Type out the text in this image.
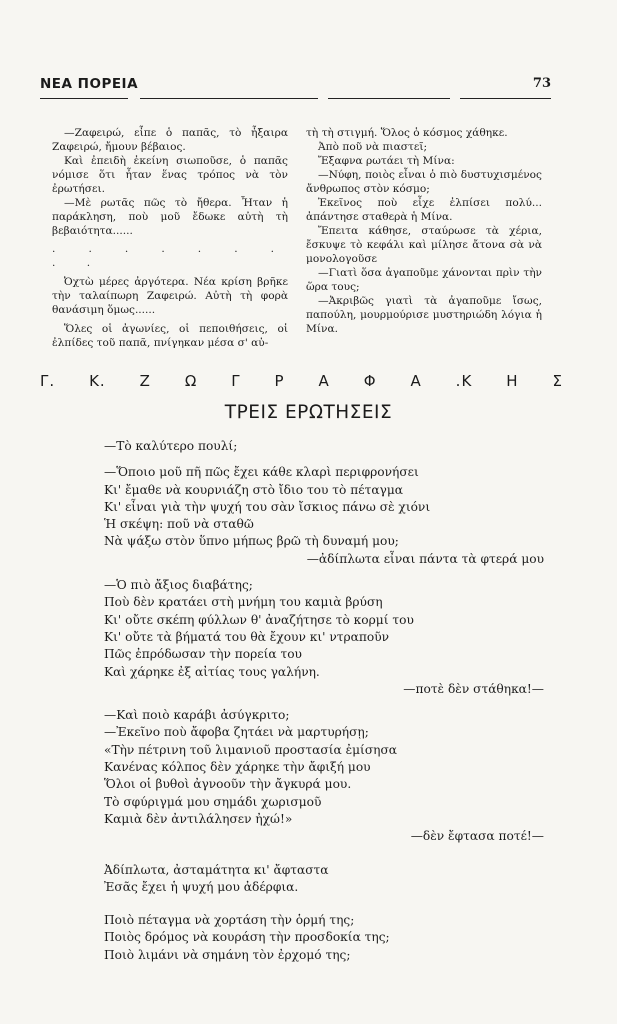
ΝΕΑ ΠΟΡΕΙΑ	73

—Ζαφειρώ, εἶπε ὁ παπᾶς, τὸ ἦξαιρα Ζαφειρώ, ἤμουν βέβαιος.

Καὶ ἐπειδὴ ἐκείνη σιωποῦσε, ὁ παπᾶς νόμισε ὅτι ἦταν ἕνας τρόπος νὰ τὸν ἐρωτήσει.

—Μὲ ρωτᾶς πῶς τὸ ἤθερα. Ἦταν ἡ παράκληση, ποὺ μοῦ ἔδωκε αὐτὴ τὴ βεβαιότητα......

. . . . . . . . .

Ὀχτὼ μέρες ἀργότερα. Νέα κρίση βρῆκε τὴν ταλαίπωρη Ζαφειρώ. Αὐτὴ τὴ φορὰ θανάσιμη ὅμως......

Ὅλες οἱ ἀγωνίες, οἱ πεποιθήσεις, οἱ ἐλπίδες τοῦ παπᾶ, πνίγηκαν μέσα σ' αὐ-

τὴ τὴ στιγμή. Ὅλος ὁ κόσμος χάθηκε.

Ἀπὸ ποῦ νὰ πιαστεῖ;

Ἔξαφνα ρωτάει τὴ Μίνα:

—Νύφη, ποιὸς εἶναι ὁ πιὸ δυστυχισμένος ἄνθρωπος στὸν κόσμο;

Ἐκεῖνος ποὺ εἶχε ἐλπίσει πολύ... ἀπάντησε σταθερὰ ἡ Μίνα.

Ἔπειτα κάθησε, σταύρωσε τὰ χέρια, ἔσκυψε τὸ κεφάλι καὶ μίλησε ἄτονα σὰ νὰ μονολογοῦσε

—Γιατὶ ὅσα ἀγαποῦμε χάνονται πρὶν τὴν ὥρα τους;

—Ἀκριβῶς γιατὶ τὰ ἀγαποῦμε ἴσως, παπούλη, μουρμούρισε μυστηριώδη λόγια ἡ Μίνα.

Γ. Κ. Ζ Ω Γ Ρ Α Φ Α .Κ Η Σ
ΤΡΕΙΣ ΕΡΩΤΗΣΕΙΣ
—Τὸ καλύτερο πουλί;
—Ὅποιο μοῦ πῆ πῶς ἔχει κάθε κλαρὶ περιφρονήσει
Κι' ἔμαθε νὰ κουρνιάζη στὸ ἴδιο του τὸ πέταγμα
Κι' εἶναι γιὰ τὴν ψυχή του σὰν ἴσκιος πάνω σὲ χιόνι
Ἡ σκέψη: ποῦ νὰ σταθῶ
Νὰ ψάξω στὸν ὕπνο μήπως βρῶ τὴ δυναμή μου;
—ἀδίπλωτα εἶναι πάντα τὰ φτερά μου
—Ὁ πιὸ ἄξιος διαβάτης;
Ποὺ δὲν κρατάει στὴ μνήμη του καμιὰ βρύση
Κι' οὔτε σκέπη φύλλων θ' ἀναζήτησε τὸ κορμί του
Κι' οὔτε τὰ βήματά του θὰ ἔχουν κι' ντραποῦν
Πῶς ἐπρόδωσαν τὴν πορεία του
Καὶ χάρηκε ἐξ αἰτίας τους γαλήνη.
—ποτὲ δὲν στάθηκα!—
—Καὶ ποιὸ καράβι ἀσύγκριτο;
—Ἐκεῖνο ποὺ ἄφοβα ζητάει νὰ μαρτυρήσῃ;
«Τὴν πέτρινη τοῦ λιμανιοῦ προστασία ἐμίσησα
Κανένας κόλπος δὲν χάρηκε τὴν ἄφιξή μου
Ὅλοι οἱ βυθοὶ ἀγνοοῦν τὴν ἄγκυρά μου.
Τὸ σφύριγμά μου σημάδι χωρισμοῦ
Καμιὰ δὲν ἀντιλάλησεν ἠχώ!»
—δὲν ἔφτασα ποτέ!—
Ἀδίπλωτα, ἀσταμάτητα κι' ἄφταστα
Ἐσᾶς ἔχει ἡ ψυχή μου ἀδέρφια.
Ποιὸ πέταγμα νὰ χορτάση τὴν ὁρμή της;
Ποιὸς δρόμος νὰ κουράση τὴν προσδοκία της;
Ποιὸ λιμάνι νὰ σημάνη τὸν ἐρχομό της;
